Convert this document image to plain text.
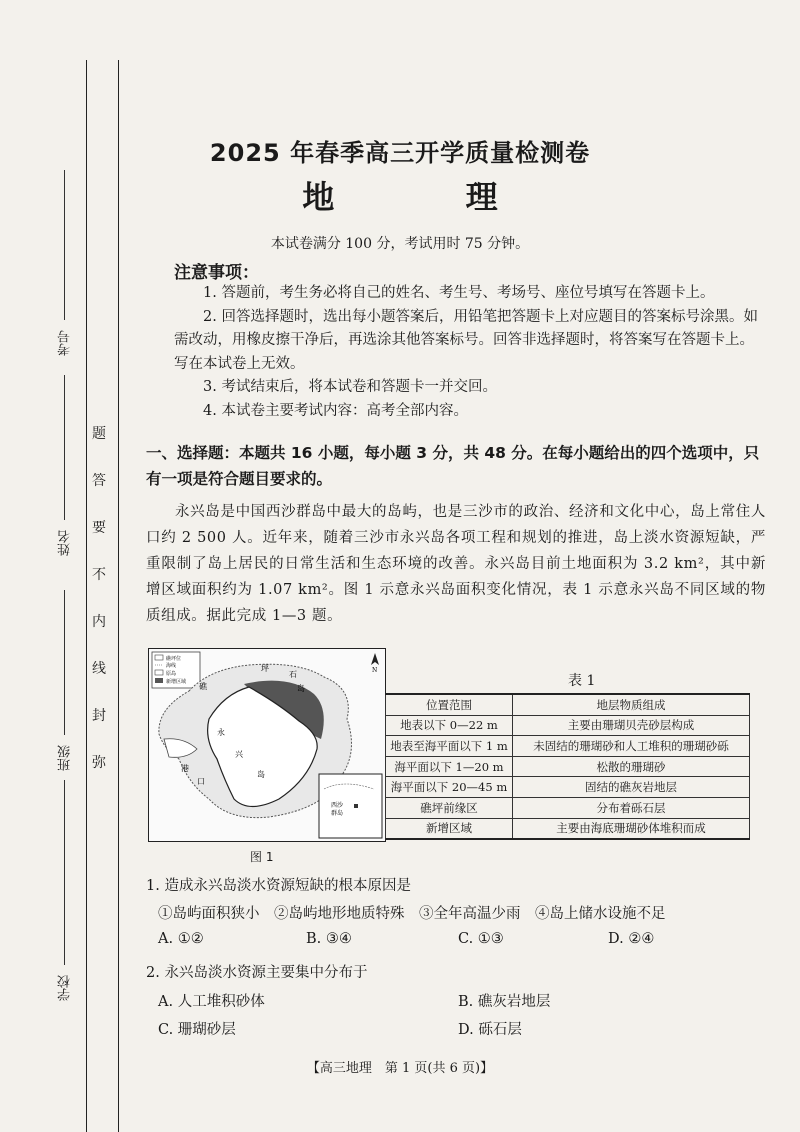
考号
姓名
班级
学校
弥
封
线
内
不
要
答
题
2025 年春季高三开学质量检测卷
地 理
本试卷满分 100 分，考试用时 75 分钟。
注意事项：

1. 答题前，考生务必将自己的姓名、考生号、考场号、座位号填写在答题卡上。

2. 回答选择题时，选出每小题答案后，用铅笔把答题卡上对应题目的答案标号涂黑。如需改动，用橡皮擦干净后，再选涂其他答案标号。回答非选择题时，将答案写在答题卡上。写在本试卷上无效。

3. 考试结束后，将本试卷和答题卡一并交回。

4. 本试卷主要考试内容：高考全部内容。

一、选择题：本题共 16 小题，每小题 3 分，共 48 分。在每小题给出的四个选项中，只有一项是符合题目要求的。

永兴岛是中国西沙群岛中最大的岛屿，也是三沙市的政治、经济和文化中心，岛上常住人口约 2 500 人。近年来，随着三沙市永兴岛各项工程和规划的推进，岛上淡水资源短缺，严重限制了岛上居民的日常生活和生态环境的改善。永兴岛目前土地面积为 3.2 km²，其中新增区域面积约为 1.07 km²。图 1 示意永兴岛面积变化情况，表 1 示意永兴岛不同区域的物质组成。据此完成 1—3 题。

礁坪位
海线
原岛
新增区域
N
礁
坪
石
岛
永
兴
港
口
岛
西沙
群岛
图 1
表 1
位置范围	地层物质组成
地表以下 0—22 m	主要由珊瑚贝壳砂层构成
地表至海平面以下 1 m	未固结的珊瑚砂和人工堆积的珊瑚砂砾
海平面以下 1—20 m	松散的珊瑚砂
海平面以下 20—45 m	固结的礁灰岩地层
礁坪前缘区	分布着砾石层
新增区域	主要由海底珊瑚砂体堆积而成
1. 造成永兴岛淡水资源短缺的根本原因是
①岛屿面积狭小　②岛屿地形地质特殊　③全年高温少雨　④岛上储水设施不足
A. ①②	B. ③④	C. ①③	D. ②④
2. 永兴岛淡水资源主要集中分布于
A. 人工堆积砂体	B. 礁灰岩地层
C. 珊瑚砂层	D. 砾石层
【高三地理　第 1 页(共 6 页)】
